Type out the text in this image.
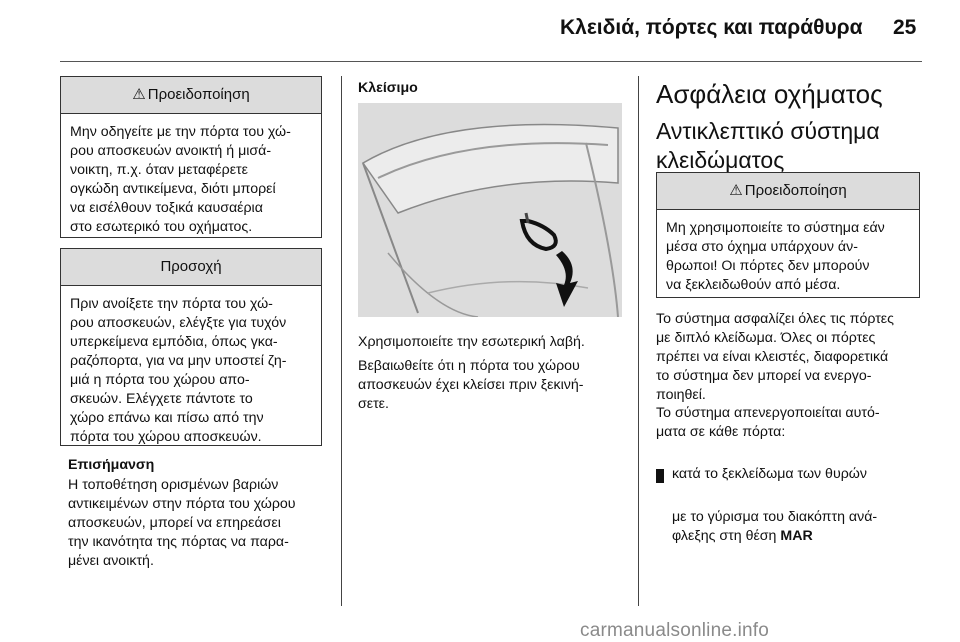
Κλειδιά, πόρτες και παράθυρα 25
⚠ Προειδοποίηση
Μην οδηγείτε με την πόρτα του χώ-
ρου αποσκευών ανοικτή ή μισά-
νοικτη, π.χ. όταν μεταφέρετε
ογκώδη αντικείμενα, διότι μπορεί
να εισέλθουν τοξικά καυσαέρια
στο εσωτερικό του οχήματος.
Προσοχή
Πριν ανοίξετε την πόρτα του χώ-
ρου αποσκευών, ελέγξτε για τυχόν
υπερκείμενα εμπόδια, όπως γκα-
ραζόπορτα, για να μην υποστεί ζη-
μιά η πόρτα του χώρου απο-
σκευών. Ελέγχετε πάντοτε το
χώρο επάνω και πίσω από την
πόρτα του χώρου αποσκευών.
Επισήμανση
Η τοποθέτηση ορισμένων βαριών
αντικειμένων στην πόρτα του χώρου
αποσκευών, μπορεί να επηρεάσει
την ικανότητα της πόρτας να παρα-
μένει ανοικτή.
Κλείσιμο
Χρησιμοποιείτε την εσωτερική λαβή.
Βεβαιωθείτε ότι η πόρτα του χώρου
αποσκευών έχει κλείσει πριν ξεκινή-
σετε.
Ασφάλεια οχήματος
Αντικλεπτικό σύστημα
κλειδώματος
⚠ Προειδοποίηση
Μη χρησιμοποιείτε το σύστημα εάν
μέσα στο όχημα υπάρχουν άν-
θρωποι! Οι πόρτες δεν μπορούν
να ξεκλειδωθούν από μέσα.
Το σύστημα ασφαλίζει όλες τις πόρτες
με διπλό κλείδωμα. Όλες οι πόρτες
πρέπει να είναι κλειστές, διαφορετικά
το σύστημα δεν μπορεί να ενεργο-
ποιηθεί.
Το σύστημα απενεργοποιείται αυτό-
ματα σε κάθε πόρτα:

κατά το ξεκλείδωμα των θυρών

με το γύρισμα του διακόπτη ανά-
φλεξης στη θέση MAR

carmanualsonline.info
